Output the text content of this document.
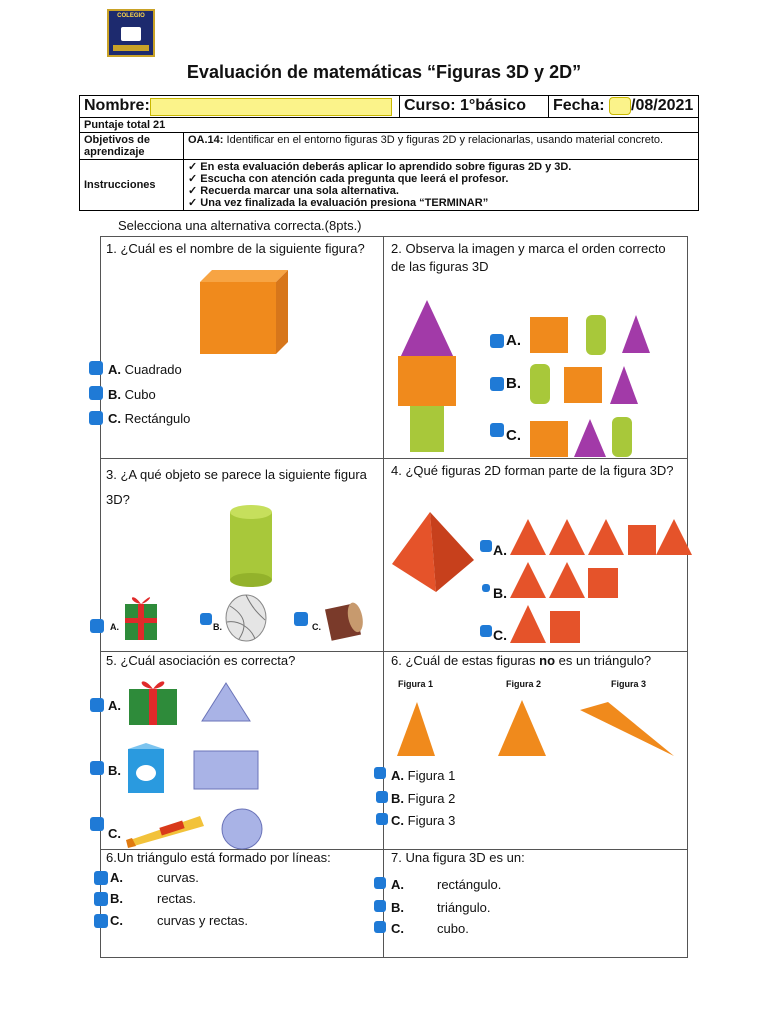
COLEGIO
Evaluación de matemáticas “Figuras 3D y 2D”
Nombre:		Curso: 1°básico	Fecha: /08/2021
Puntaje total 21			
Objetivos de aprendizaje	OA.14: Identificar en el entorno figuras 3D y figuras 2D y relacionarlas, usando material concreto.		
Instrucciones	✓ En esta evaluación deberás aplicar lo aprendido sobre figuras 2D y 3D.
✓ Escucha con atención cada pregunta que leerá el profesor.
✓ Recuerda marcar una sola alternativa.
✓ Una vez finalizada la evaluación presiona “TERMINAR”		
Selecciona una alternativa correcta.(8pts.)
1. ¿Cuál es el nombre de la siguiente figura?
A. Cuadrado
B. Cubo
C. Rectángulo
2. Observa la imagen y marca el orden correcto de las figuras 3D
A.
B.
C.
3. ¿A qué objeto se parece la siguiente figura 3D?
A.	B.	C.
4. ¿Qué figuras 2D forman parte de la figura 3D?
A.
B.
C.
5. ¿Cuál asociación es correcta?
A.
B.
C.
6. ¿Cuál de estas figuras no es un triángulo?
Figura 1	Figura 2	Figura 3
A. Figura 1
B. Figura 2
C. Figura 3
6.Un triángulo está formado por líneas:
A.	curvas.
B.	rectas.
C.	curvas y rectas.
7. Una figura 3D es un:
A.	rectángulo.
B.	triángulo.
C.	cubo.
